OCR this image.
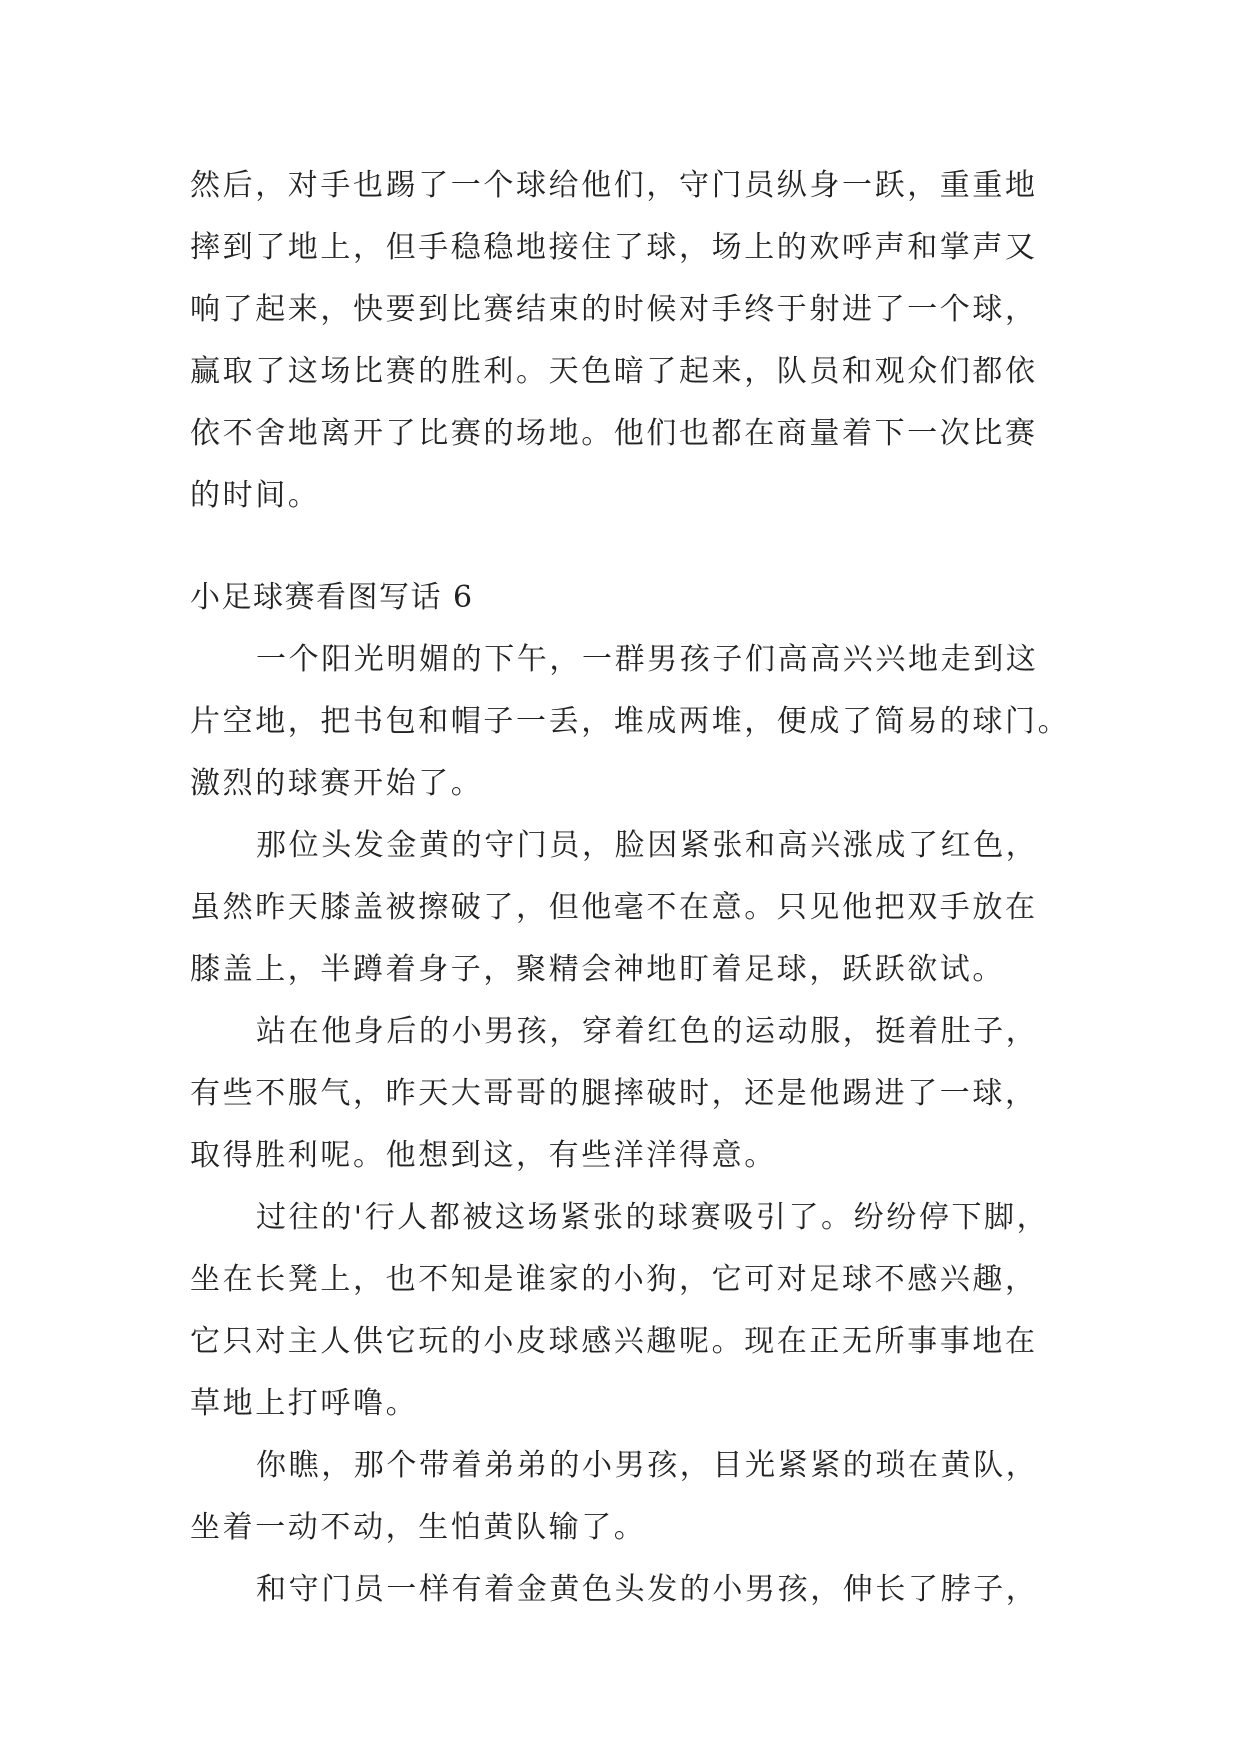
然后，对手也踢了一个球给他们，守门员纵身一跃，重重地
摔到了地上，但手稳稳地接住了球，场上的欢呼声和掌声又
响了起来，快要到比赛结束的时候对手终于射进了一个球，
赢取了这场比赛的胜利。天色暗了起来，队员和观众们都依
依不舍地离开了比赛的场地。他们也都在商量着下一次比赛
的时间。
小足球赛看图写话 6
一个阳光明媚的下午，一群男孩子们高高兴兴地走到这
片空地，把书包和帽子一丢，堆成两堆，便成了简易的球门。
激烈的球赛开始了。
那位头发金黄的守门员，脸因紧张和高兴涨成了红色，
虽然昨天膝盖被擦破了，但他毫不在意。只见他把双手放在
膝盖上，半蹲着身子，聚精会神地盯着足球，跃跃欲试。
站在他身后的小男孩，穿着红色的运动服，挺着肚子，
有些不服气，昨天大哥哥的腿摔破时，还是他踢进了一球，
取得胜利呢。他想到这，有些洋洋得意。
过往的'行人都被这场紧张的球赛吸引了。纷纷停下脚，
坐在长凳上，也不知是谁家的小狗，它可对足球不感兴趣，
它只对主人供它玩的小皮球感兴趣呢。现在正无所事事地在
草地上打呼噜。
你瞧，那个带着弟弟的小男孩，目光紧紧的琐在黄队，
坐着一动不动，生怕黄队输了。
和守门员一样有着金黄色头发的小男孩，伸长了脖子，
